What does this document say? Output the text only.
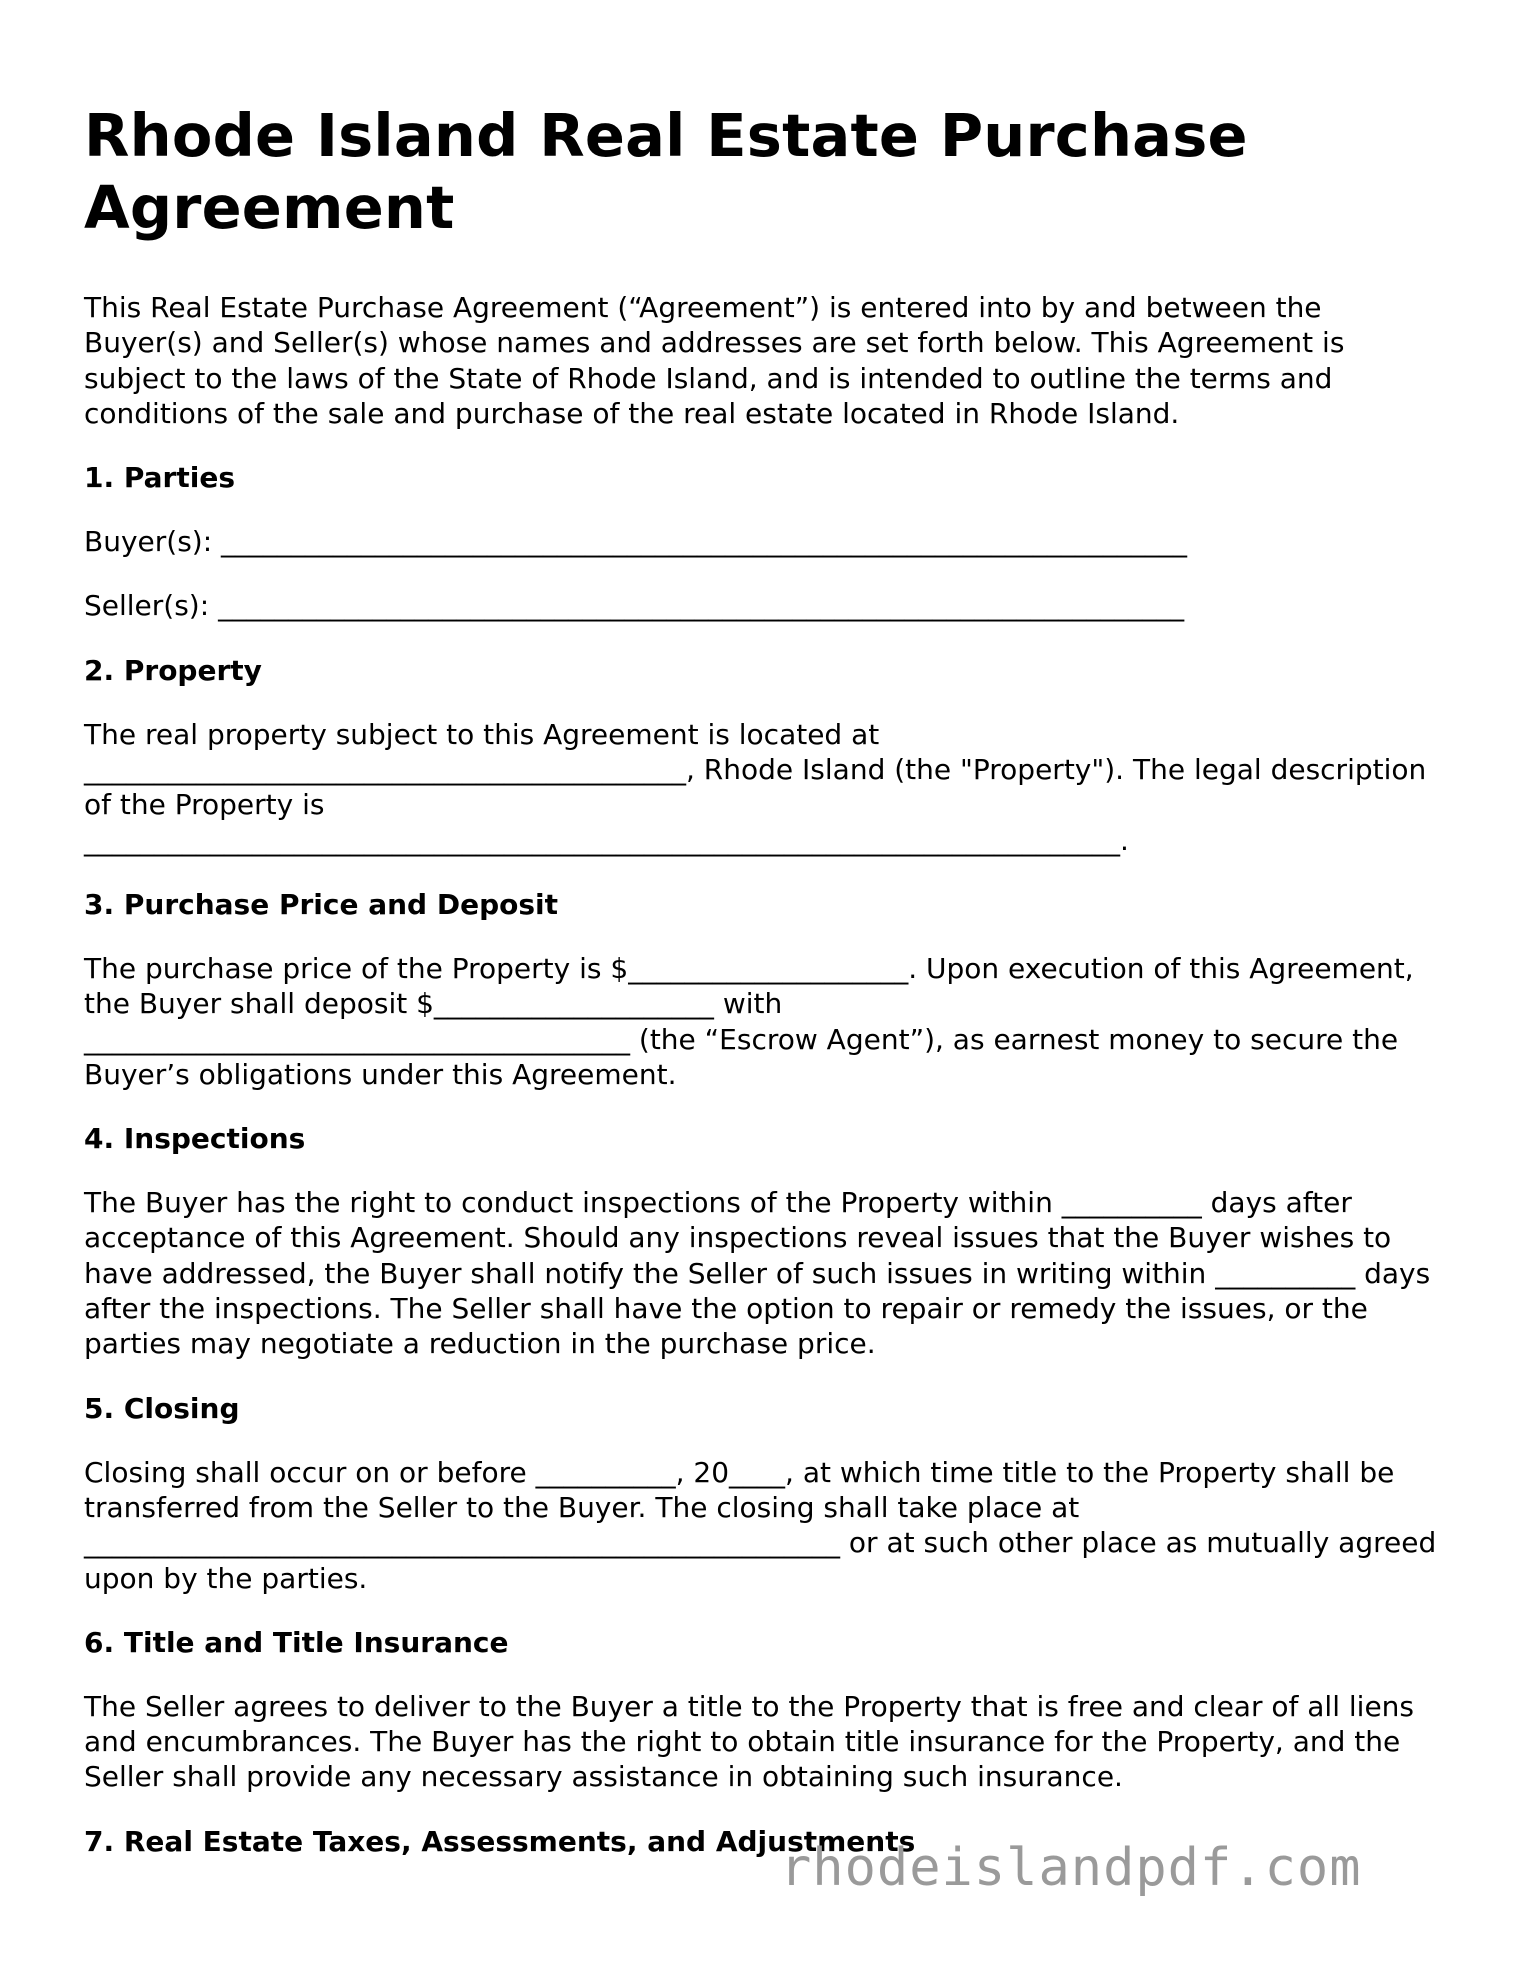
Rhode Island Real Estate Purchase Agreement

This Real Estate Purchase Agreement (“Agreement”) is entered into by and between the Buyer(s) and Seller(s) whose names and addresses are set forth below. This Agreement is subject to the laws of the State of Rhode Island, and is intended to outline the terms and conditions of the sale and purchase of the real estate located in Rhode Island.

1. Parties

Buyer(s): _____________________________________________________________________

Seller(s): _____________________________________________________________________

2. Property

The real property subject to this Agreement is located at
___________________________________________, Rhode Island (the "Property"). The legal description of the Property is
__________________________________________________________________________.

3. Purchase Price and Deposit

The purchase price of the Property is $____________________. Upon execution of this Agreement, the Buyer shall deposit $____________________ with
_______________________________________ (the “Escrow Agent”), as earnest money to secure the Buyer’s obligations under this Agreement.

4. Inspections

The Buyer has the right to conduct inspections of the Property within __________ days after acceptance of this Agreement. Should any inspections reveal issues that the Buyer wishes to have addressed, the Buyer shall notify the Seller of such issues in writing within __________ days after the inspections. The Seller shall have the option to repair or remedy the issues, or the parties may negotiate a reduction in the purchase price.

5. Closing

Closing shall occur on or before __________, 20____, at which time title to the Property shall be transferred from the Seller to the Buyer. The closing shall take place at
______________________________________________________ or at such other place as mutually agreed upon by the parties.

6. Title and Title Insurance

The Seller agrees to deliver to the Buyer a title to the Property that is free and clear of all liens and encumbrances. The Buyer has the right to obtain title insurance for the Property, and the Seller shall provide any necessary assistance in obtaining such insurance.

7. Real Estate Taxes, Assessments, and Adjustments
rhodeislandpdf.com
